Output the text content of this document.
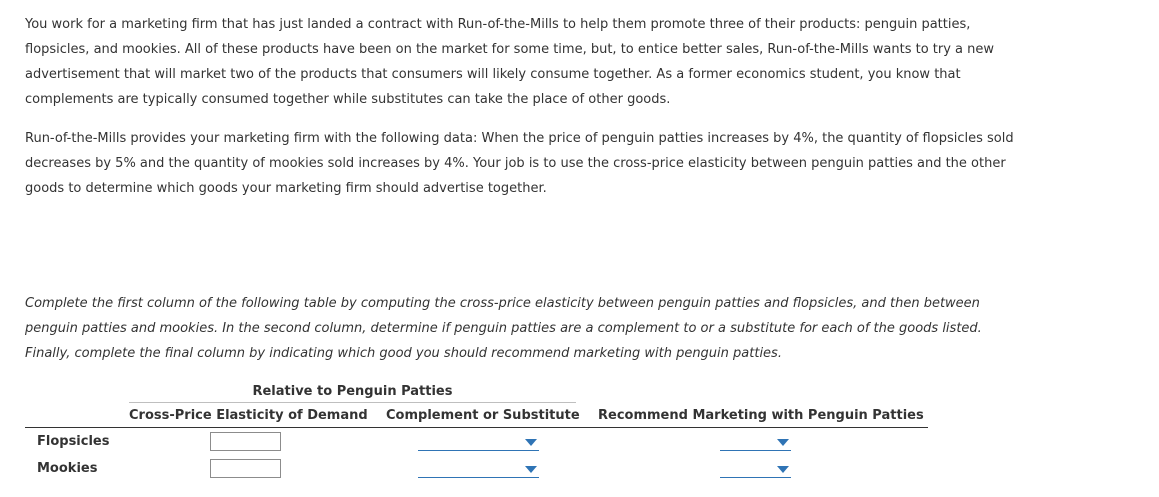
You work for a marketing firm that has just landed a contract with Run-of-the-Mills to help them promote three of their products: penguin patties, flopsicles, and mookies. All of these products have been on the market for some time, but, to entice better sales, Run-of-the-Mills wants to try a new advertisement that will market two of the products that consumers will likely consume together. As a former economics student, you know that complements are typically consumed together while substitutes can take the place of other goods.
Run-of-the-Mills provides your marketing firm with the following data: When the price of penguin patties increases by 4%, the quantity of flopsicles sold decreases by 5% and the quantity of mookies sold increases by 4%. Your job is to use the cross-price elasticity between penguin patties and the other goods to determine which goods your marketing firm should advertise together.
Complete the first column of the following table by computing the cross-price elasticity between penguin patties and flopsicles, and then between penguin patties and mookies. In the second column, determine if penguin patties are a complement to or a substitute for each of the goods listed. Finally, complete the final column by indicating which good you should recommend marketing with penguin patties.
Relative to Penguin Patties
Cross-Price Elasticity of Demand Complement or Substitute Recommend Marketing with Penguin Patties
Flopsicles
Mookies
